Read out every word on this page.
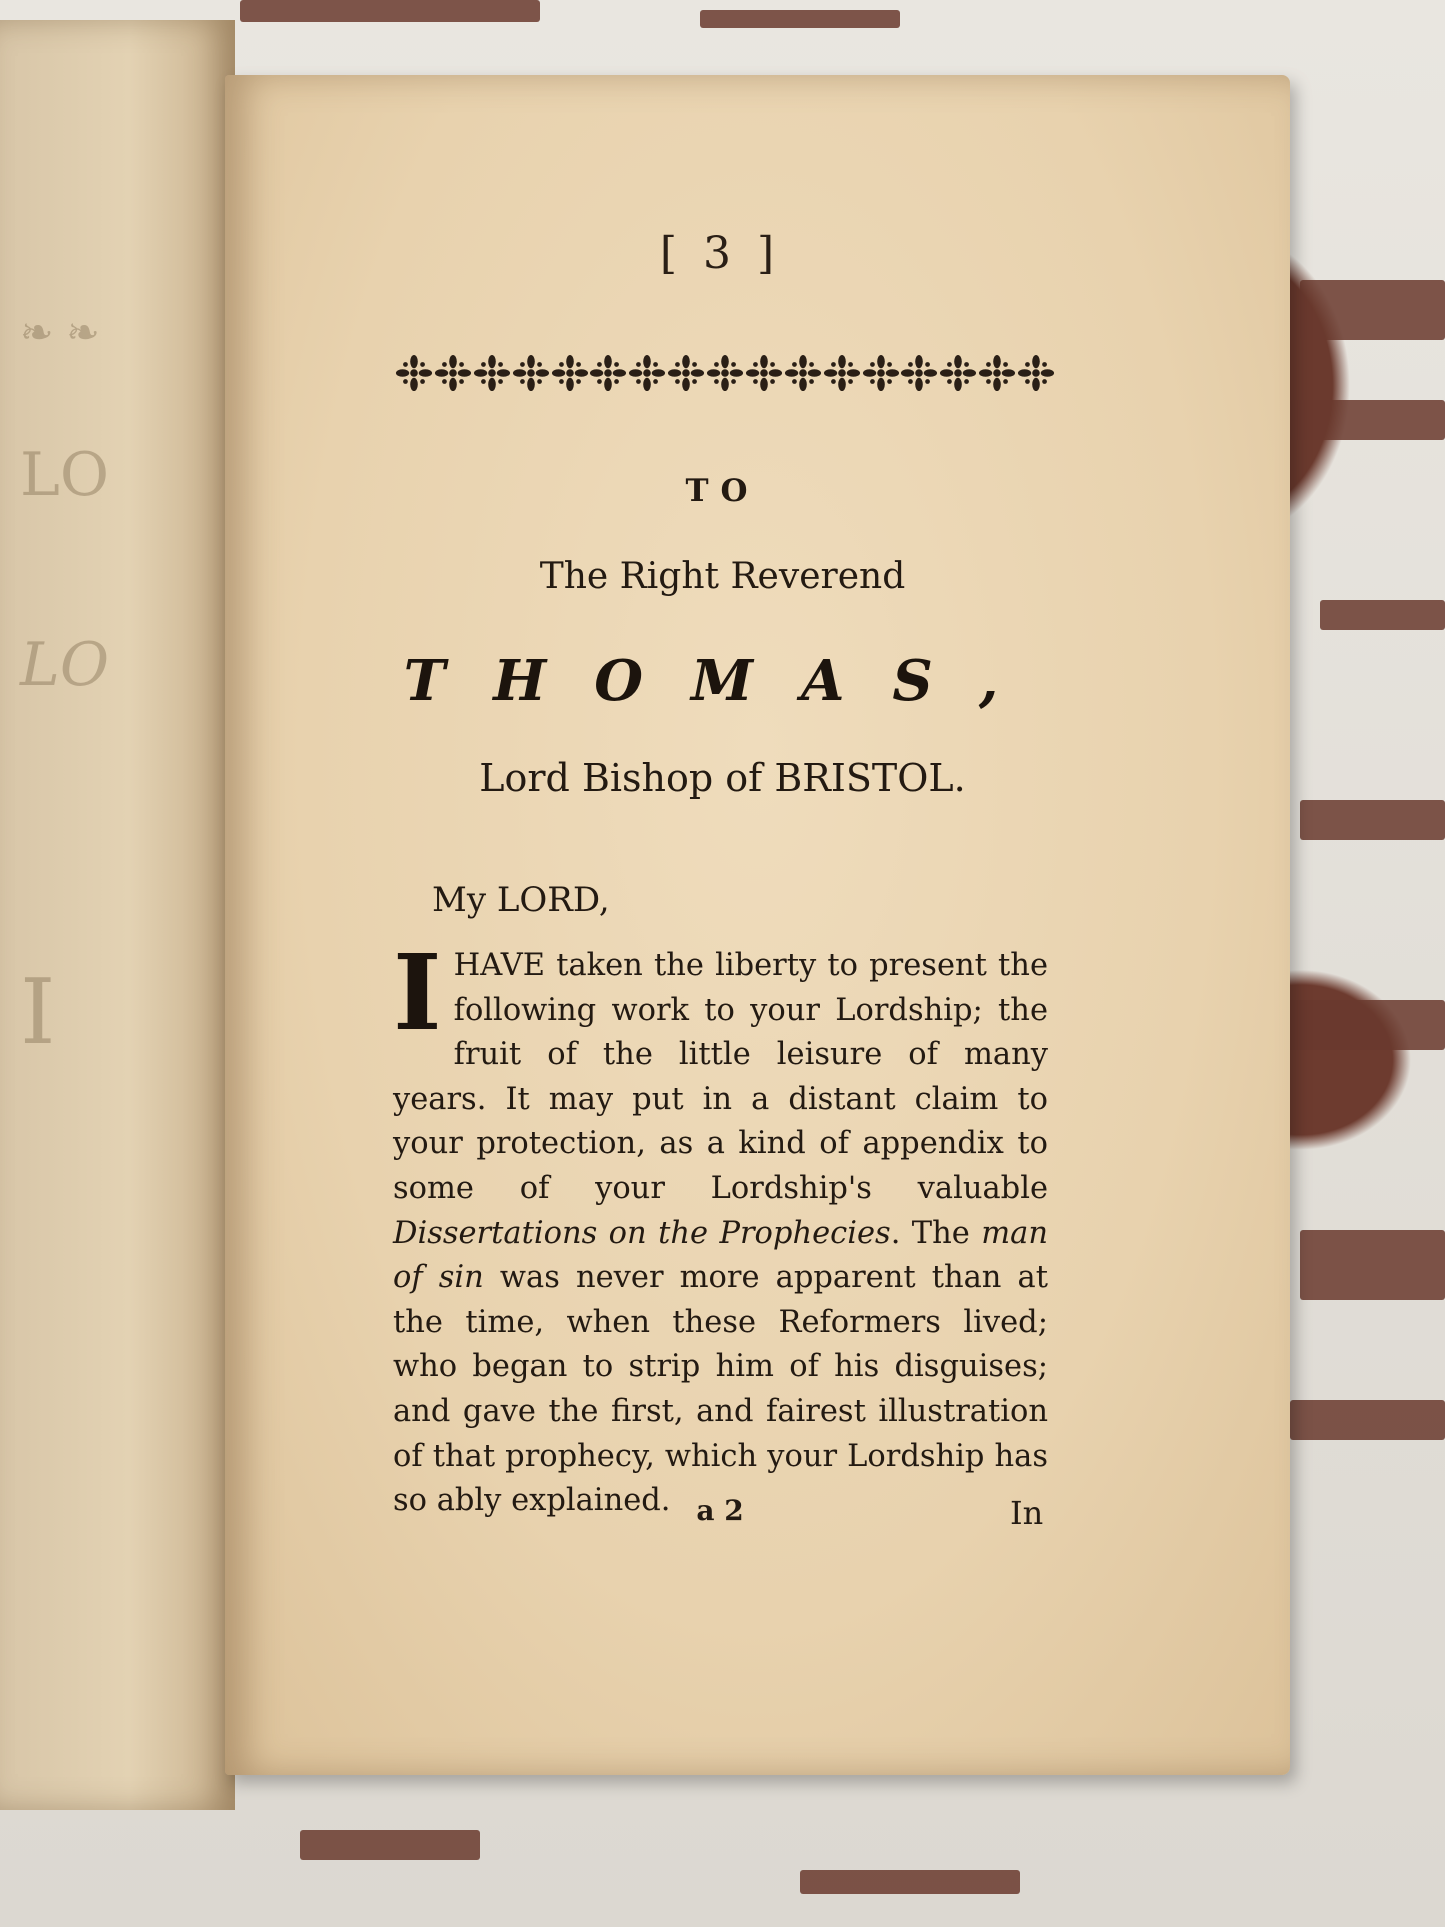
❧ ❧
LO
LO
I
[ 3 ]
TO
The Right Reverend
THOMAS,
Lord Bishop of BRISTOL.
My LORD,
IHAVE taken the liberty to present the following work to your Lordship; the fruit of the little leisure of many years. It may put in a distant claim to your protection, as a kind of appendix to some of your Lordship's valuable Dissertations on the Prophecies. The man of sin was never more apparent than at the time, when these Reformers lived; who began to strip him of his disguises; and gave the first, and fairest illustration of that prophecy, which your Lordship has so ably explained. a 2	In
